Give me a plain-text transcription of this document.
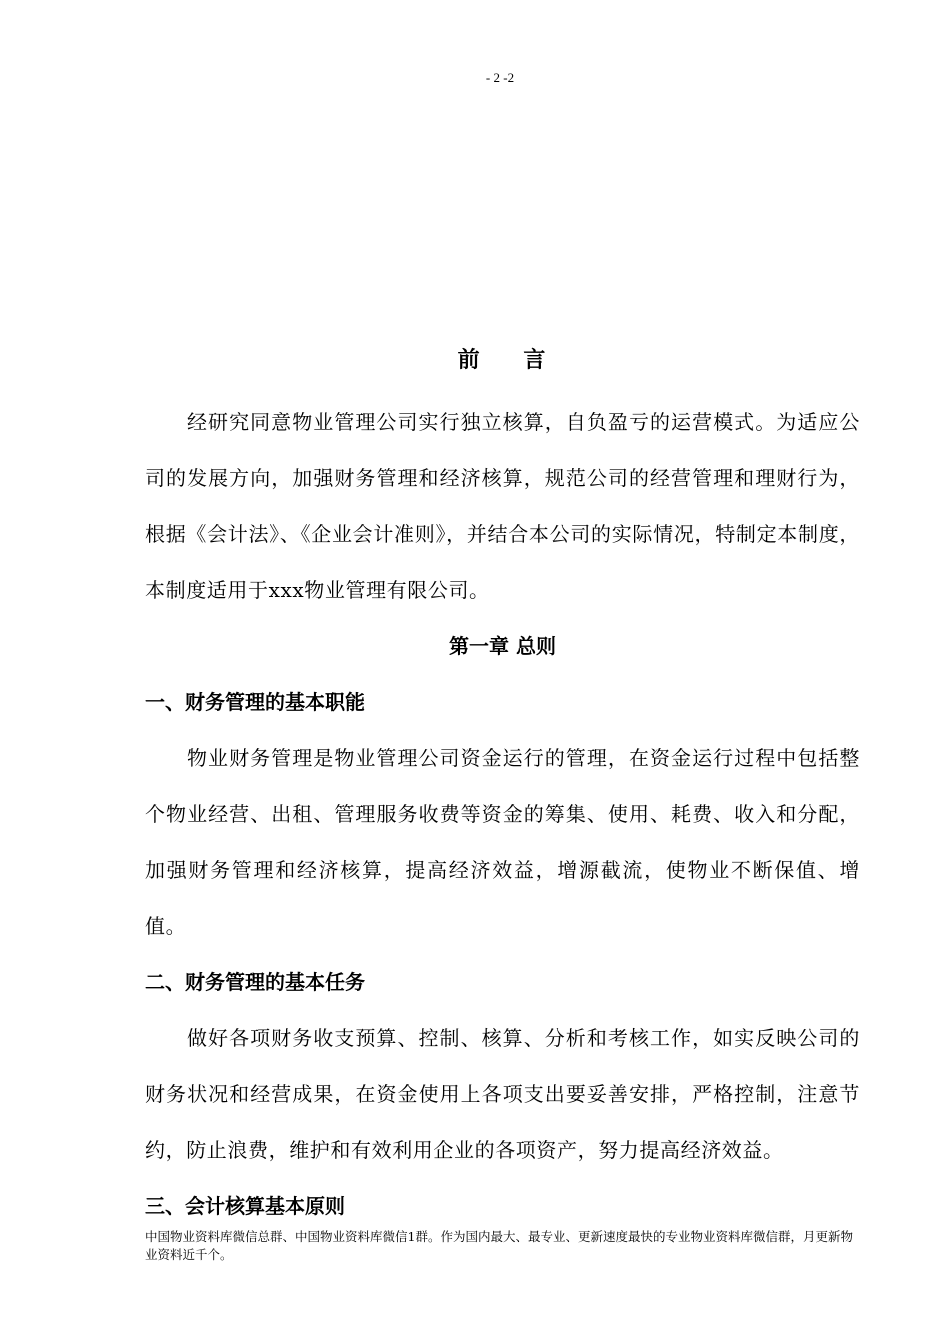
- 2 -2
前 言

经研究同意物业管理公司实行独立核算，自负盈亏的运营模式。为适应公司的发展方向，加强财务管理和经济核算，规范公司的经营管理和理财行为，根据《会计法》、《企业会计准则》，并结合本公司的实际情况，特制定本制度，本制度适用于xxx物业管理有限公司。

第一章 总则
一、财务管理的基本职能

物业财务管理是物业管理公司资金运行的管理，在资金运行过程中包括整个物业经营、出租、管理服务收费等资金的筹集、使用、耗费、收入和分配，加强财务管理和经济核算，提高经济效益，增源截流，使物业不断保值、增值。

二、财务管理的基本任务

做好各项财务收支预算、控制、核算、分析和考核工作，如实反映公司的财务状况和经营成果，在资金使用上各项支出要妥善安排，严格控制，注意节约，防止浪费，维护和有效利用企业的各项资产，努力提高经济效益。

三、会计核算基本原则
中国物业资料库微信总群、中国物业资料库微信1群。作为国内最大、最专业、更新速度最快的专业物业资料库微信群，月更新物业资料近千个。
